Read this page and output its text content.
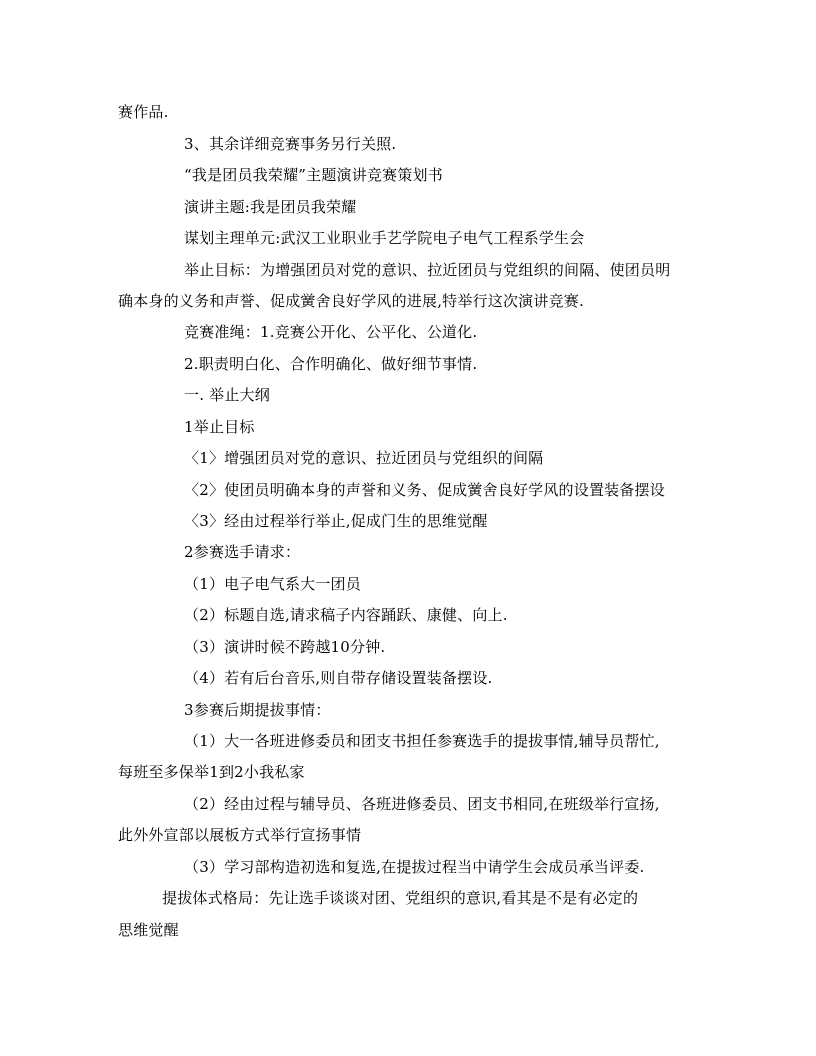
赛作品.
3、其余详细竞赛事务另行关照.
“我是团员我荣耀”主题演讲竞赛策划书
演讲主题:我是团员我荣耀
谋划主理单元:武汉工业职业手艺学院电子电气工程系学生会
举止目标：为增强团员对党的意识、拉近团员与党组织的间隔、使团员明
确本身的义务和声誉、促成黉舍良好学风的进展,特举行这次演讲竞赛.
竞赛准绳：1.竞赛公开化、公平化、公道化.
2.职责明白化、合作明确化、做好细节事情.
一. 举止大纲
1举止目标
〈1〉增强团员对党的意识、拉近团员与党组织的间隔
〈2〉使团员明确本身的声誉和义务、促成黉舍良好学风的设置装备摆设
〈3〉经由过程举行举止,促成门生的思维觉醒
2参赛选手请求：
（1）电子电气系大一团员
（2）标题自选,请求稿子内容踊跃、康健、向上.
（3）演讲时候不跨越10分钟.
（4）若有后台音乐,则自带存储设置装备摆设.
3参赛后期提拔事情：
（1）大一各班进修委员和团支书担任参赛选手的提拔事情,辅导员帮忙,
每班至多保举1到2小我私家
（2）经由过程与辅导员、各班进修委员、团支书相同,在班级举行宣扬,
此外外宣部以展板方式举行宣扬事情
（3）学习部构造初选和复选,在提拔过程当中请学生会成员承当评委.
提拔体式格局：先让选手谈谈对团、党组织的意识,看其是不是有必定的
思维觉醒
